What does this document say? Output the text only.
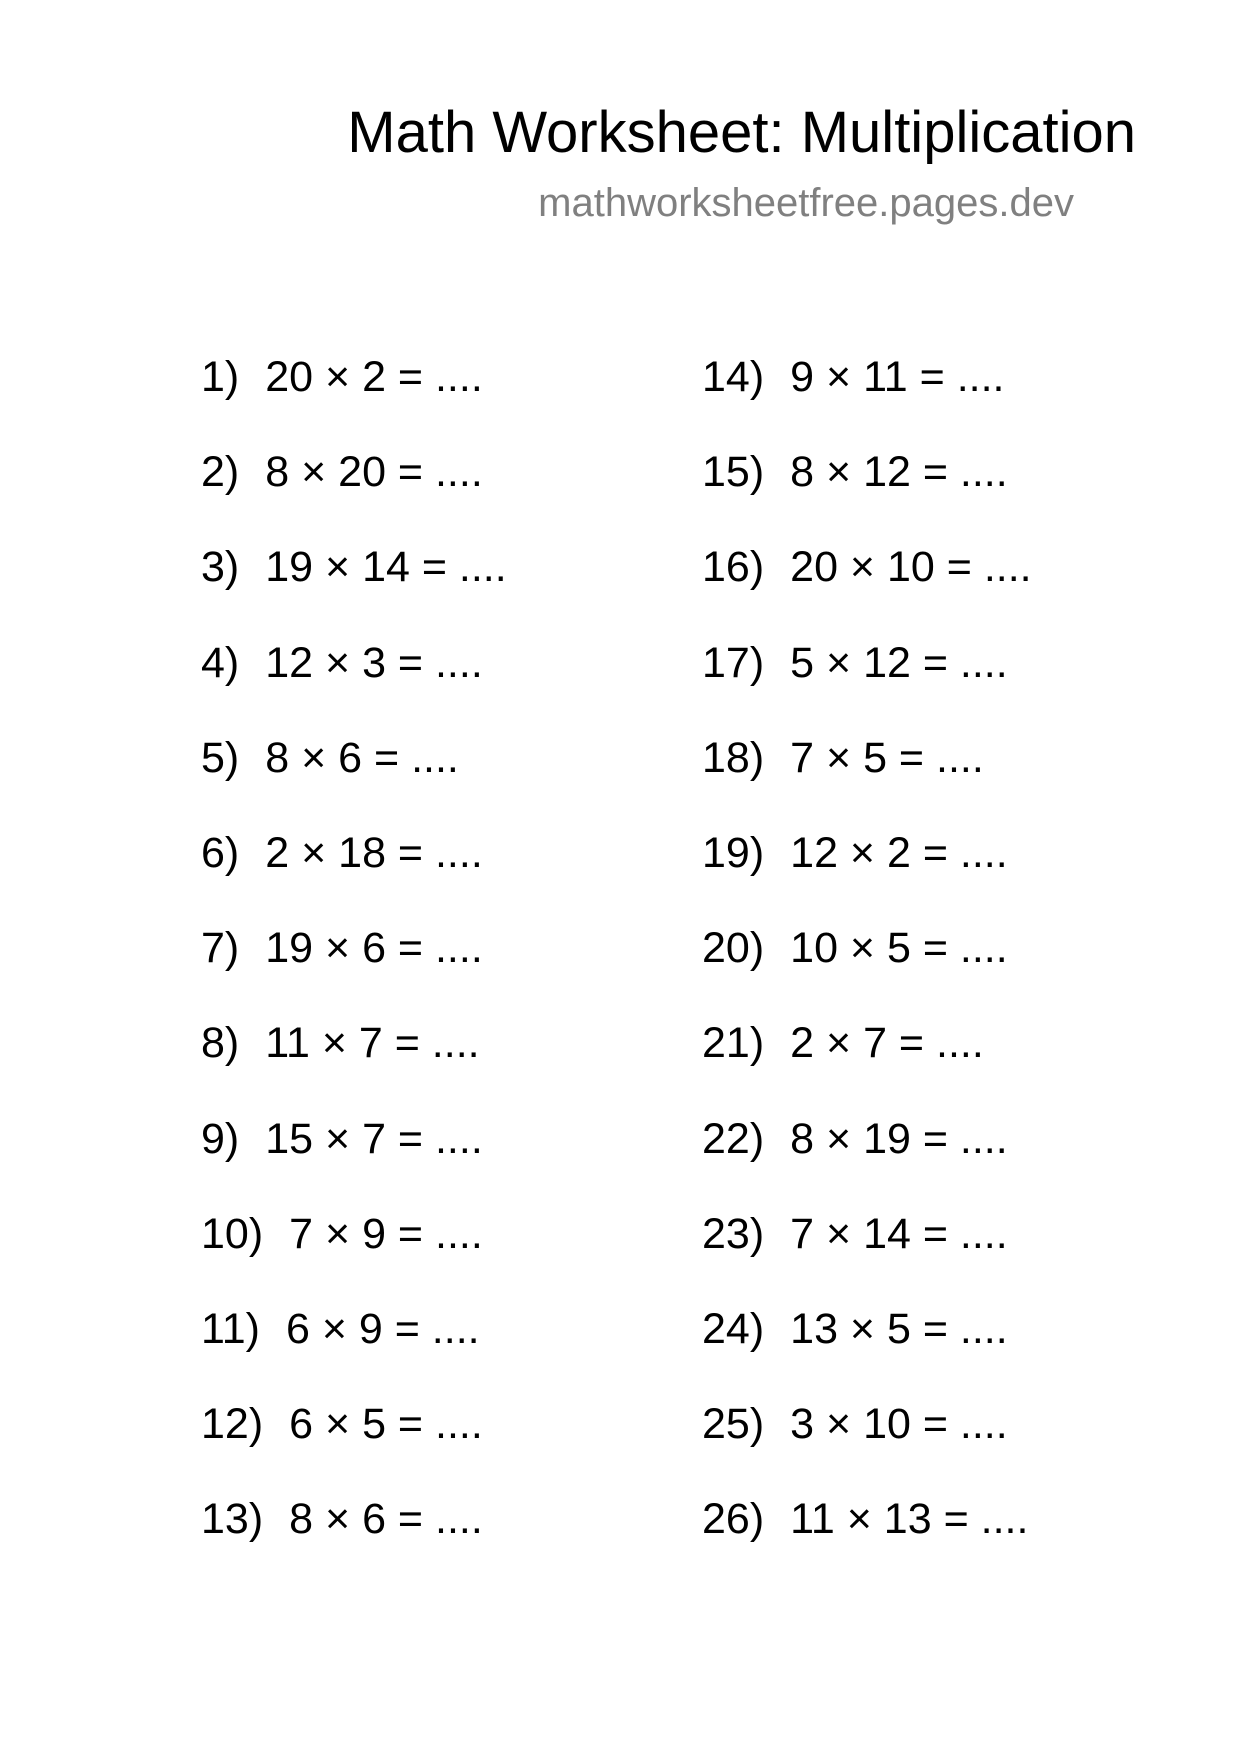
Math Worksheet: Multiplication
mathworksheetfree.pages.dev
1) 20 × 2 = ....
2) 8 × 20 = ....
3) 19 × 14 = ....
4) 12 × 3 = ....
5) 8 × 6 = ....
6) 2 × 18 = ....
7) 19 × 6 = ....
8) 11 × 7 = ....
9) 15 × 7 = ....
10) 7 × 9 = ....
11) 6 × 9 = ....
12) 6 × 5 = ....
13) 8 × 6 = ....
14) 9 × 11 = ....
15) 8 × 12 = ....
16) 20 × 10 = ....
17) 5 × 12 = ....
18) 7 × 5 = ....
19) 12 × 2 = ....
20) 10 × 5 = ....
21) 2 × 7 = ....
22) 8 × 19 = ....
23) 7 × 14 = ....
24) 13 × 5 = ....
25) 3 × 10 = ....
26) 11 × 13 = ....
